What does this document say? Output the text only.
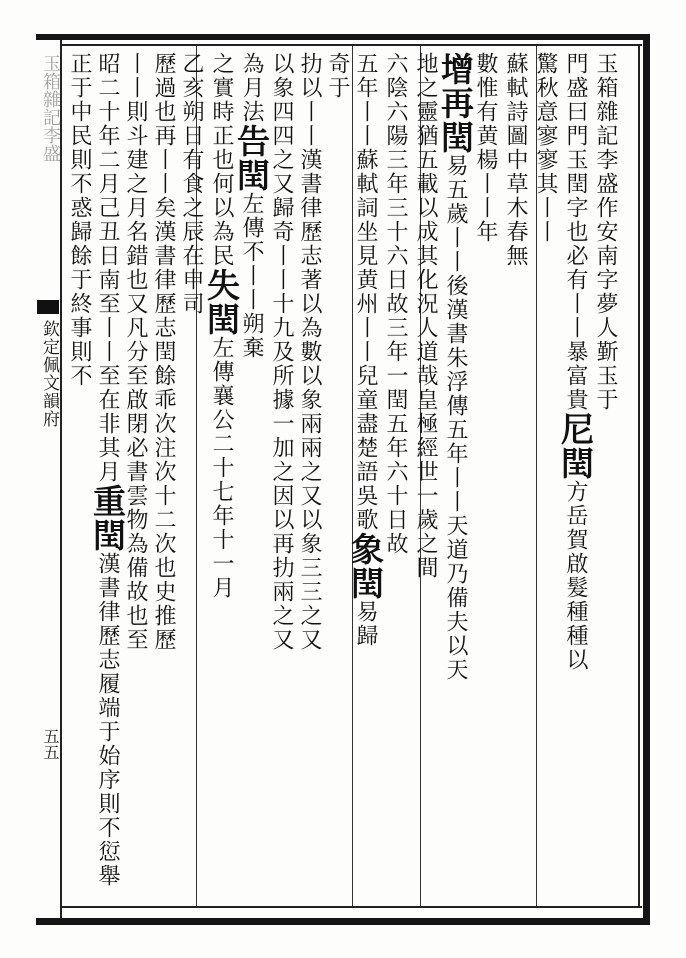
玉箱雜記李盛
欽定佩文韻府
五五
玉箱雜記李盛作安南字夢人𣂷玉于
門盛曰門玉閏字也必有丨丨暴富貴尼閏方岳賀啟髮種種以
驚秋意寥寥其丨丨
蘇軾詩圖中草木春無
數惟有黄楊丨丨年
增再閏易五歲丨丨後漢書朱浮傳五年丨丨天道乃備夫以天
地之靈猶五載以成其化況人道哉皇極經世一歲之間
六陰六陽三年三十六日故三年一閏五年六十日故
五年丨丨蘇軾詞坐見黄州丨丨兒童盡楚語吳歌象閏易歸
奇于
扐以丨丨漢書律歷志著以為數以象兩兩之又以象三三之又
以象四四之又歸奇丨丨十九及所據一加之因以再扐兩之又
為月法告閏左傳不丨丨朔棄
之實時正也何以為民失閏左傳襄公二十七年十一月
乙亥朔日有食之辰在申司
歷過也再丨丨矣漢書律歷志閏餘乖次注次十二次也史推歷
丨丨則斗建之月名錯也又凡分至啟閉必書雲物為備故也至
昭二十年二月己丑日南至丨丨至在非其月重閏漢書律歷志履端于始序則不愆舉
正于中民則不惑歸餘于終事則不
